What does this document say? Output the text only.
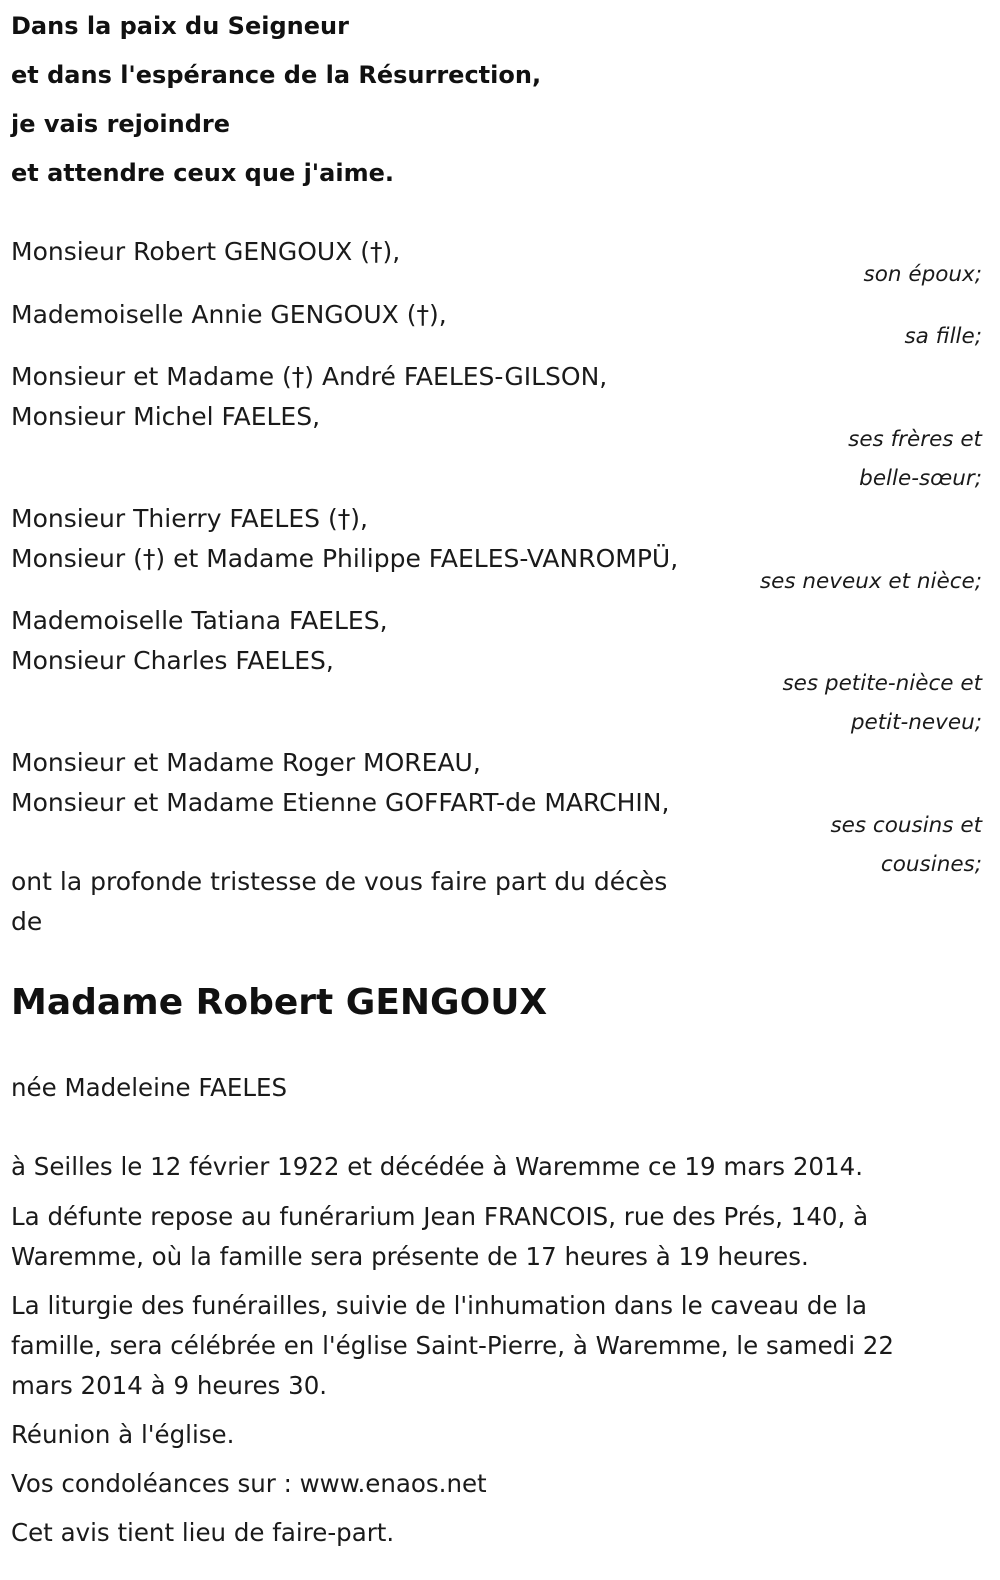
Dans la paix du Seigneur
et dans l'espérance de la Résurrection,
je vais rejoindre
et attendre ceux que j'aime.
Monsieur Robert GENGOUX (†),
son époux;
Mademoiselle Annie GENGOUX (†),
sa fille;
Monsieur et Madame (†) André FAELES-GILSON,
Monsieur Michel FAELES,
ses frères et
belle-sœur;
Monsieur Thierry FAELES (†),
Monsieur (†) et Madame Philippe FAELES-VANROMPÜ,
ses neveux et nièce;
Mademoiselle Tatiana FAELES,
Monsieur Charles FAELES,
ses petite-nièce et
petit-neveu;
Monsieur et Madame Roger MOREAU,
Monsieur et Madame Etienne GOFFART-de MARCHIN,
ses cousins et
cousines;
ont la profonde tristesse de vous faire part du décès
de
Madame Robert GENGOUX
née Madeleine FAELES
à Seilles le 12 février 1922 et décédée à Waremme ce 19 mars 2014.
La défunte repose au funérarium Jean FRANCOIS, rue des Prés, 140, à
Waremme, où la famille sera présente de 17 heures à 19 heures.
La liturgie des funérailles, suivie de l'inhumation dans le caveau de la
famille, sera célébrée en l'église Saint-Pierre, à Waremme, le samedi 22
mars 2014 à 9 heures 30.
Réunion à l'église.
Vos condoléances sur : www.enaos.net
Cet avis tient lieu de faire-part.
